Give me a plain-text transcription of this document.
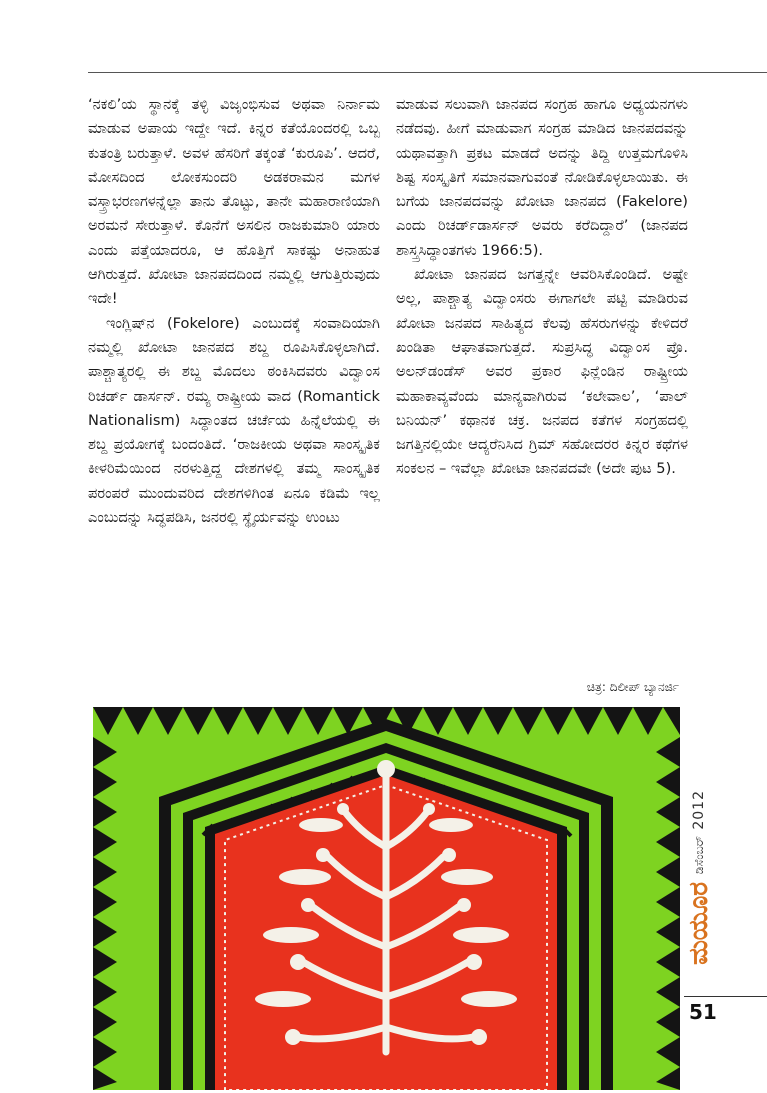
‘ನಕಲಿ’ಯ ಸ್ಥಾನಕ್ಕೆ ತಳ್ಳಿ ವಿಜೃಂಭಿಸುವ ಅಥವಾ ನಿರ್ನಾಮ ಮಾಡುವ ಅಪಾಯ ಇದ್ದೇ ಇದೆ. ಕಿನ್ನರ ಕತೆಯೊಂದರಲ್ಲಿ ಒಬ್ಬ ಕುತಂತ್ರಿ ಬರುತ್ತಾಳೆ. ಅವಳ ಹೆಸರಿಗೆ ತಕ್ಕಂತೆ ‘ಕುರೂಪಿ’. ಆದರೆ, ಮೋಸದಿಂದ ಲೋಕಸುಂದರಿ ಅಡಕರಾಮನ ಮಗಳ ವಸ್ತ್ರಾಭರಣಗಳನ್ನೆಲ್ಲಾ ತಾನು ತೊಟ್ಟು, ತಾನೇ ಮಹಾರಾಣಿಯಾಗಿ ಅರಮನೆ ಸೇರುತ್ತಾಳೆ. ಕೊನೆಗೆ ಅಸಲಿನ ರಾಜಕುಮಾರಿ ಯಾರು ಎಂದು ಪತ್ತೆಯಾದರೂ, ಆ ಹೊತ್ತಿಗೆ ಸಾಕಷ್ಟು ಅನಾಹುತ ಆಗಿರುತ್ತದೆ. ಖೋಟಾ ಜಾನಪದದಿಂದ ನಮ್ಮಲ್ಲಿ ಆಗುತ್ತಿರುವುದು ಇದೇ!

ಇಂಗ್ಲಿಷ್‌ನ (Fokelore) ಎಂಬುದಕ್ಕೆ ಸಂವಾದಿಯಾಗಿ ನಮ್ಮಲ್ಲಿ ಖೋಟಾ ಜಾನಪದ ಶಬ್ದ ರೂಪಿಸಿಕೊಳ್ಳಲಾಗಿದೆ. ಪಾಶ್ಚಾತ್ಯರಲ್ಲಿ ಈ ಶಬ್ದ ಮೊದಲು ಠಂಕಿಸಿದವರು ವಿದ್ವಾಂಸ ರಿಚರ್ಡ್ ಡಾರ್ಸನ್. ರಮ್ಯ ರಾಷ್ಟ್ರೀಯ ವಾದ (Romantick Nationalism) ಸಿದ್ಧಾಂತದ ಚರ್ಚೆಯ ಹಿನ್ನೆಲೆಯಲ್ಲಿ ಈ ಶಬ್ದ ಪ್ರಯೋಗಕ್ಕೆ ಬಂದಂತಿದೆ. ‘ರಾಜಕೀಯ ಅಥವಾ ಸಾಂಸ್ಕೃತಿಕ ಕೀಳರಿಮೆಯಿಂದ ನರಳುತ್ತಿದ್ದ ದೇಶಗಳಲ್ಲಿ ತಮ್ಮ ಸಾಂಸ್ಕೃತಿಕ ಪರಂಪರೆ ಮುಂದುವರಿದ ದೇಶಗಳಿಗಿಂತ ಏನೂ ಕಡಿಮೆ ಇಲ್ಲ ಎಂಬುದನ್ನು ಸಿದ್ಧಪಡಿಸಿ, ಜನರಲ್ಲಿ ಸ್ಥೈರ್ಯವನ್ನು ಉಂಟು

ಮಾಡುವ ಸಲುವಾಗಿ ಜಾನಪದ ಸಂಗ್ರಹ ಹಾಗೂ ಅಧ್ಯಯನಗಳು ನಡೆದವು. ಹೀಗೆ ಮಾಡುವಾಗ ಸಂಗ್ರಹ ಮಾಡಿದ ಜಾನಪದವನ್ನು ಯಥಾವತ್ತಾಗಿ ಪ್ರಕಟ ಮಾಡದೆ ಅದನ್ನು ತಿದ್ದಿ ಉತ್ತಮಗೊಳಿಸಿ ಶಿಷ್ಟ ಸಂಸ್ಕೃತಿಗೆ ಸಮಾನವಾಗುವಂತೆ ನೋಡಿಕೊಳ್ಳಲಾಯಿತು. ಈ ಬಗೆಯ ಜಾನಪದವನ್ನು ಖೋಟಾ ಜಾನಪದ (Fakelore) ಎಂದು ರಿಚರ್ಡ್‌ಡಾರ್ಸನ್ ಅವರು ಕರೆದಿದ್ದಾರೆ’ (ಜಾನಪದ ಶಾಸ್ತ್ರಸಿದ್ಧಾಂತಗಳು 1966:5).

ಖೋಟಾ ಜಾನಪದ ಜಗತ್ತನ್ನೇ ಆವರಿಸಿಕೊಂಡಿದೆ. ಅಷ್ಟೇ ಅಲ್ಲ, ಪಾಶ್ಚಾತ್ಯ ವಿದ್ವಾಂಸರು ಈಗಾಗಲೇ ಪಟ್ಟಿ ಮಾಡಿರುವ ಖೋಟಾ ಜನಪದ ಸಾಹಿತ್ಯದ ಕೆಲವು ಹೆಸರುಗಳನ್ನು ಕೇಳಿದರೆ ಖಂಡಿತಾ ಆಘಾತವಾಗುತ್ತದೆ. ಸುಪ್ರಸಿದ್ಧ ವಿದ್ವಾಂಸ ಪ್ರೊ. ಅಲನ್‌ಡಂಡೆಸ್ ಅವರ ಪ್ರಕಾರ ಫಿನ್ಲೆಂಡಿನ ರಾಷ್ಟ್ರೀಯ ಮಹಾಕಾವ್ಯವೆಂದು ಮಾನ್ಯವಾಗಿರುವ ‘ಕಲೇವಾಲ’, ‘ಪಾಲ್ ಬನಿಯನ್’ ಕಥಾನಕ ಚಕ್ರ. ಜನಪದ ಕತೆಗಳ ಸಂಗ್ರಹದಲ್ಲಿ ಜಗತ್ತಿನಲ್ಲಿಯೇ ಆದ್ಯರೆನಿಸಿದ ಗ್ರಿಮ್ ಸಹೋದರರ ಕಿನ್ನರ ಕಥೆಗಳ ಸಂಕಲನ – ಇವೆಲ್ಲಾ ಖೋಟಾ ಜಾನಪದವೇ (ಅದೇ ಪುಟ 5).

ಚಿತ್ರ: ದಿಲೀಪ್ ಬ್ಯಾನರ್ಜಿ
2012
ಡಿಸೆಂಬರ್
ಮಯೂರ
51
